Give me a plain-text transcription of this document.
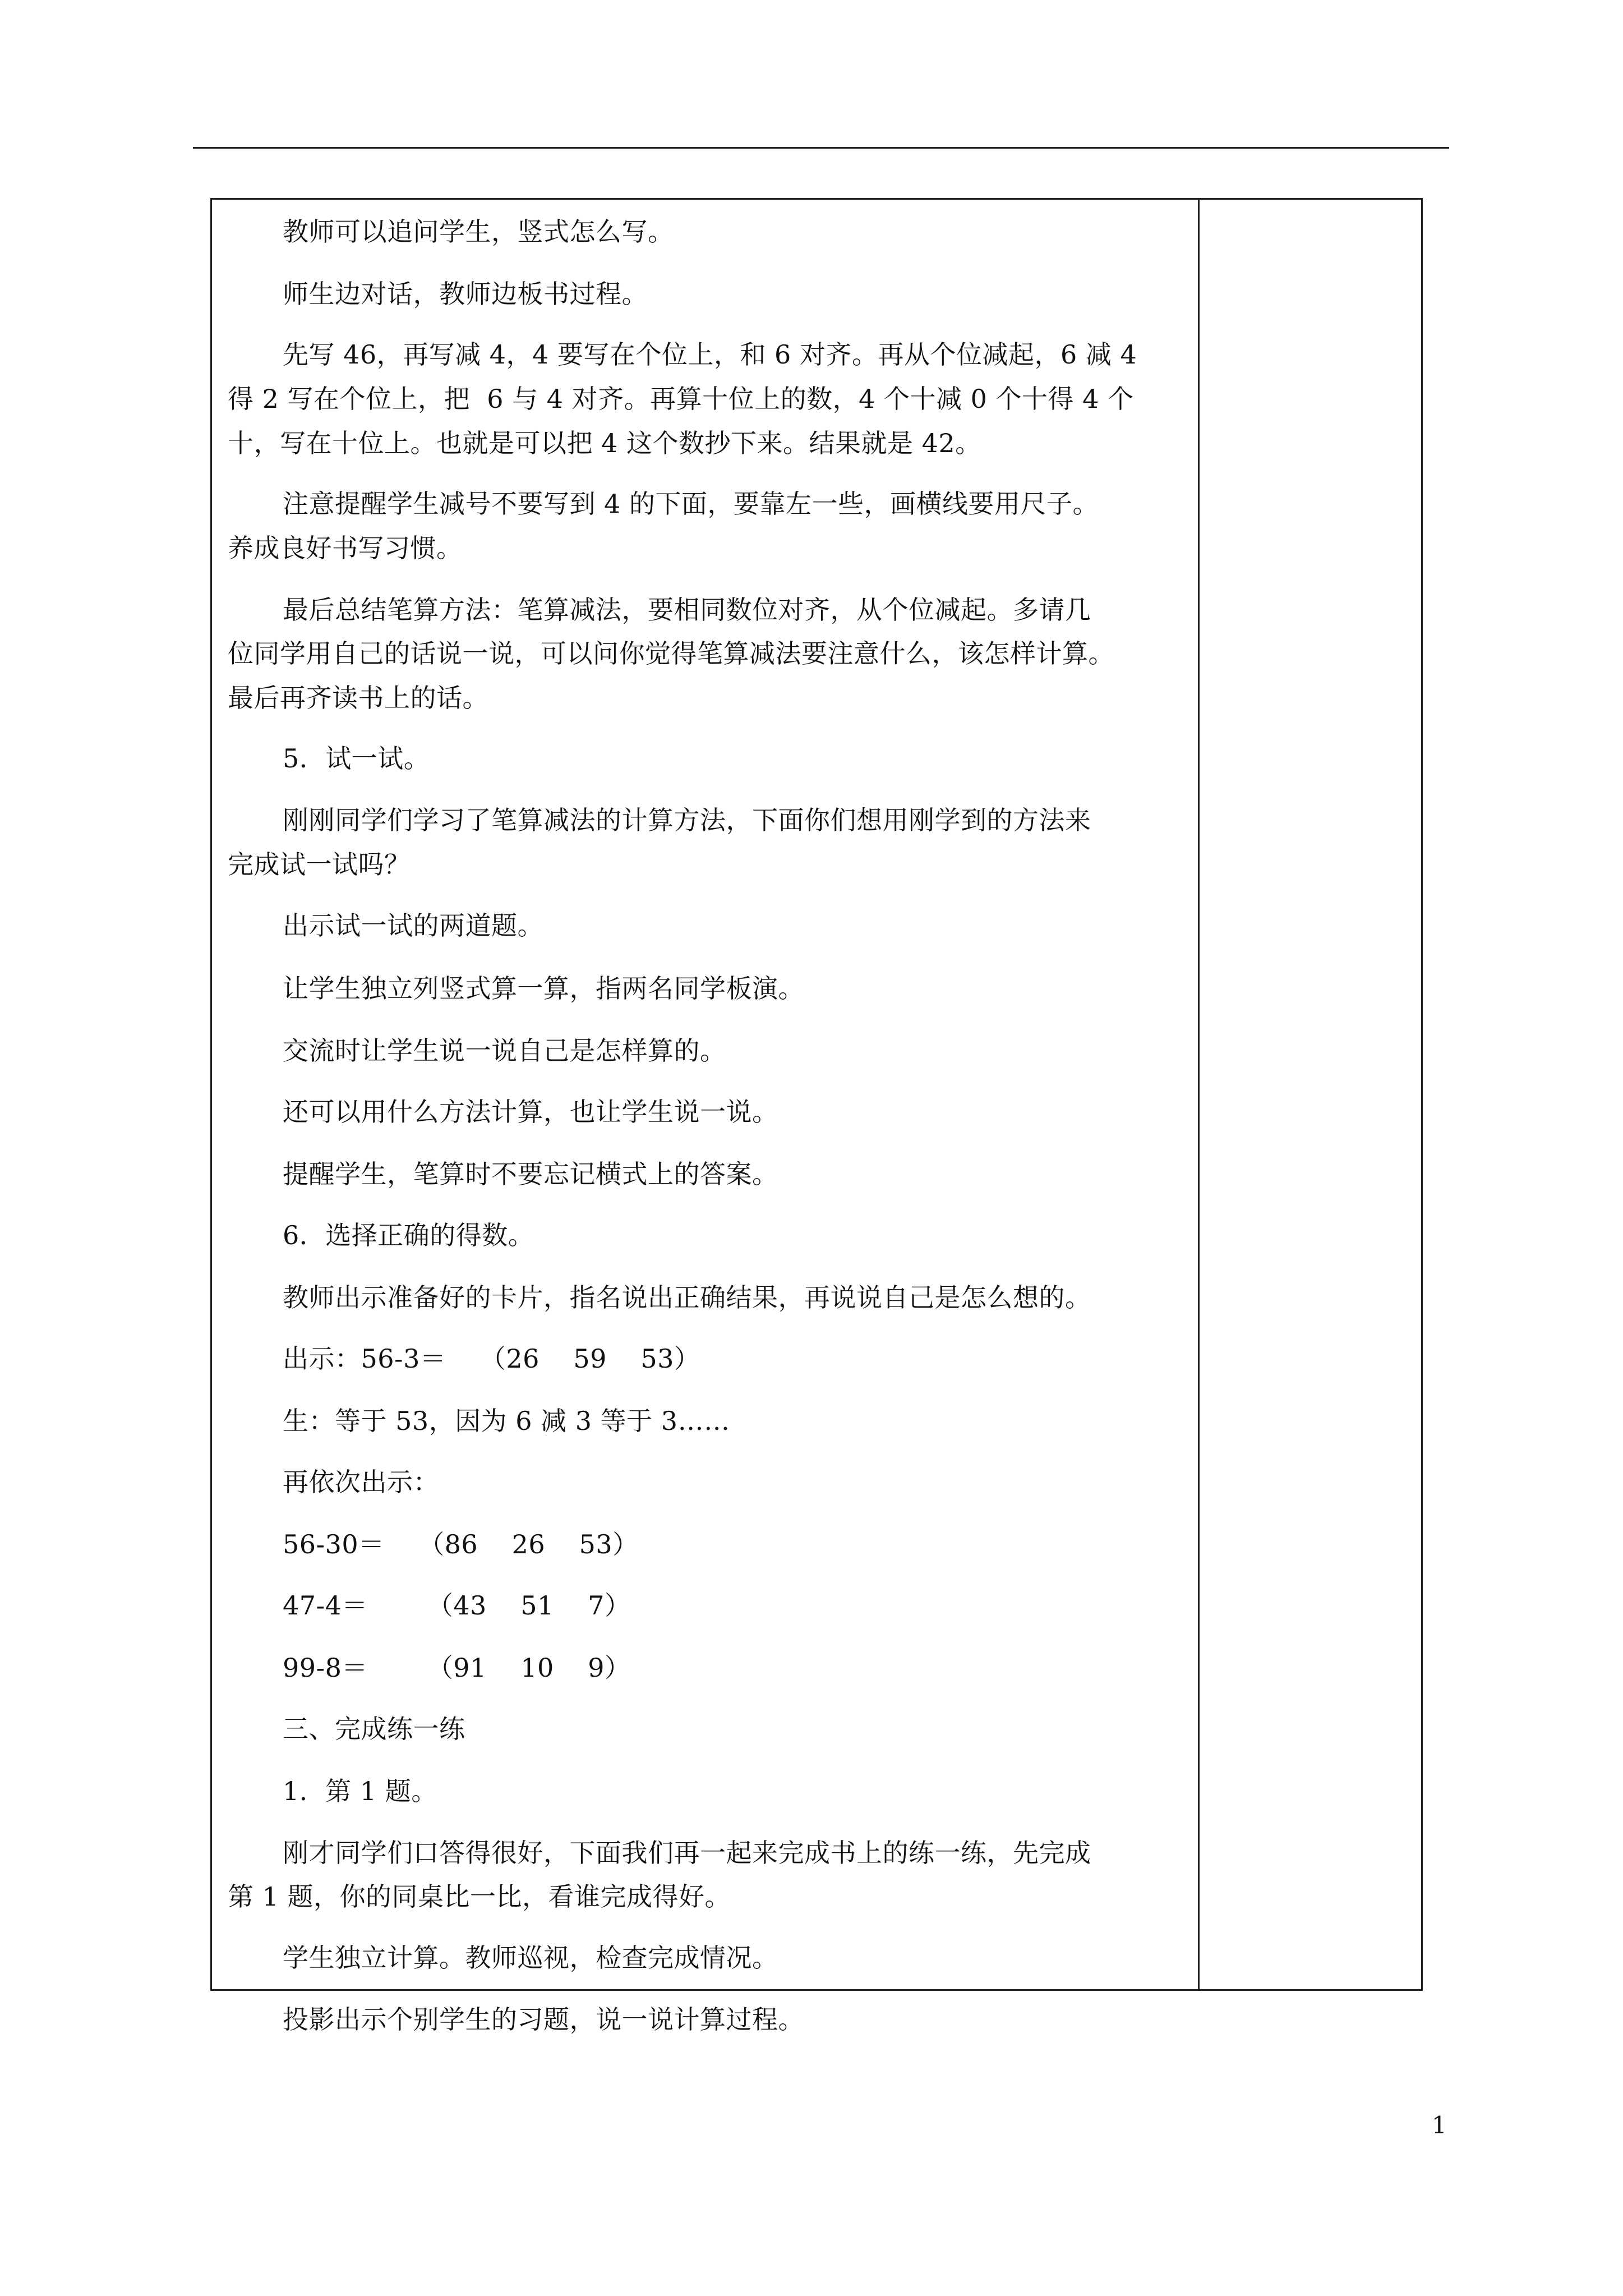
教师可以追问学生，竖式怎么写。
师生边对话，教师边板书过程。
先写 46，再写减 4，4 要写在个位上，和 6 对齐。再从个位减起，6 减 4
得 2 写在个位上，把  6 与 4 对齐。再算十位上的数，4 个十减 0 个十得 4 个
十，写在十位上。也就是可以把 4 这个数抄下来。结果就是 42。
注意提醒学生减号不要写到 4 的下面，要靠左一些，画横线要用尺子。
养成良好书写习惯。
最后总结笔算方法：笔算减法，要相同数位对齐，从个位减起。多请几
位同学用自己的话说一说，可以问你觉得笔算减法要注意什么，该怎样计算。
最后再齐读书上的话。
5．试一试。
刚刚同学们学习了笔算减法的计算方法，下面你们想用刚学到的方法来
完成试一试吗？
出示试一试的两道题。
让学生独立列竖式算一算，指两名同学板演。
交流时让学生说一说自己是怎样算的。
还可以用什么方法计算，也让学生说一说。
提醒学生，笔算时不要忘记横式上的答案。
6．选择正确的得数。
教师出示准备好的卡片，指名说出正确结果，再说说自己是怎么想的。
出示：56-3＝    （26    59    53）
生：等于 53，因为 6 减 3 等于 3……
再依次出示：
56-30＝    （86    26    53）
47-4＝       （43    51    7）
99-8＝       （91    10    9）
三、完成练一练
1．第 1 题。
刚才同学们口答得很好，下面我们再一起来完成书上的练一练，先完成
第 1 题，你的同桌比一比，看谁完成得好。
学生独立计算。教师巡视，检查完成情况。
投影出示个别学生的习题，说一说计算过程。
1
